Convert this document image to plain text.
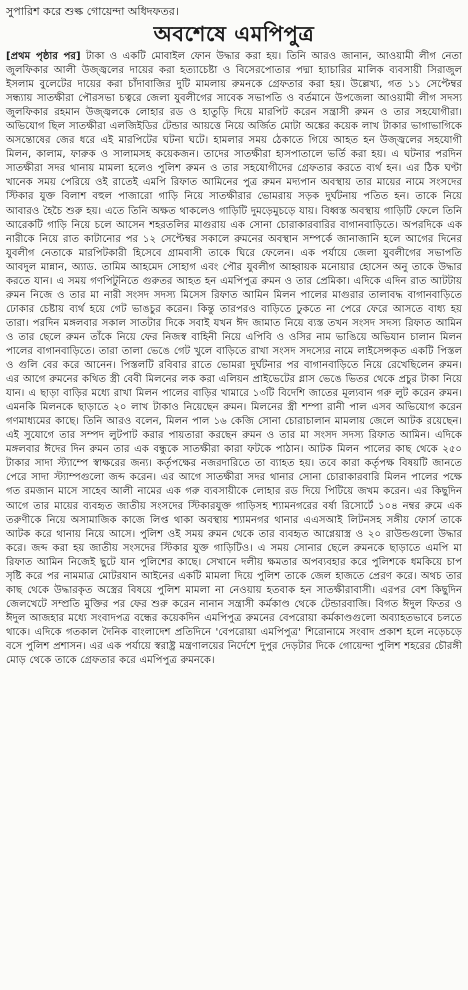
সুপারিশ করে শুল্ক গোয়েন্দা অধিদফতর।
অবশেষে এমপিপুত্র
[প্রথম পৃষ্ঠার পর] টাকা ও একটি মোবাইল ফোন উদ্ধার করা হয়। তিনি আরও জানান, আওয়ামী লীগ নেতা জুলফিকার আলী উজ্জ্বলের দায়ের করা হত্যাচেষ্টা ও বিসেরপোতার পদ্মা হ্যাচারির মালিক ব্যবসায়ী সিরাজুল ইসলাম বুলেটের দায়ের করা চাঁদাবাজির দুটি মামলায় রুমনকে গ্রেফতার করা হয়। উল্লেখ্য, গত ১১ সেপ্টেম্বর সন্ধ্যায় সাতক্ষীরা পৌরসভা চত্বরে জেলা যুবলীগের সাবেক সভাপতি ও বর্তমানে উপজেলা আওয়ামী লীগ সদস্য জুলফিকার রহমান উজ্জ্বলকে লোহার রড ও হাতুড়ি দিয়ে মারপিট করেন সন্ত্রাসী রুমন ও তার সহযোগীরা। অভিযোগ ছিল সাতক্ষীরা এলজিইডির টেন্ডার আয়ত্তে নিয়ে অর্জিত মোটা অঙ্কের কয়েক লাখ টাকার ভাগাভাগিকে অসন্তোষের জের ধরে এই মারপিটের ঘটনা ঘটে। হামলার সময় ঠেকাতে গিয়ে আহত হন উজ্জ্বলের সহযোগী মিলন, কালাম, ফারুক ও সালামসহ কয়েকজন। তাদের সাতক্ষীরা হাসপাতালে ভর্তি করা হয়। এ ঘটনার পরদিন সাতক্ষীরা সদর থানায় মামলা হলেও পুলিশ রুমন ও তার সহযোগীদের গ্রেফতার করতে ব্যর্থ হন। এর ঠিক ঘণ্টা খানেক সময় পেরিয়ে ওই রাতেই এমপি রিফাত আমিনের পুত্র রুমন মদ্যপান অবস্থায় তার মায়ের নামে সংসদের স্টিকার যুক্ত বিলাশ বহুল পাজারো গাড়ি নিয়ে সাতক্ষীরার ভোমরায় সড়ক দুর্ঘটনায় পতিত হন। তাকে নিয়ে আবারও হৈচৈ শুরু হয়। এতে তিনি অক্ষত থাকলেও গাড়িটি দুমড়েমুচড়ে যায়। বিধ্বস্ত অবস্থায় গাড়িটি ফেলে তিনি আরেকটি গাড়ি নিয়ে চলে আসেন শহরতলির মাগুরায় এক সোনা চোরাকারবারির বাগানবাড়িতে। অপরদিকে এক নারীকে নিয়ে রাত কাটানোর পর ১২ সেপ্টেম্বর সকালে রুমনের অবস্থান সম্পর্কে জানাজানি হলে আগের দিনের যুবলীগ নেতাকে মারপিটকারী হিসেবে গ্রামবাসী তাকে ঘিরে ফেলেন। এক পর্যায়ে জেলা যুবলীগের সভাপতি আবদুল মান্নান, অ্যাড. তামিম আহমেদ সোহাগ এবং পৌর যুবলীগ আহ্বায়ক মনোয়ার হোসেন অনু তাকে উদ্ধার করতে যান। এ সময় গণপিটুনিতে গুরুতর আহত হন এমপিপুত্র রুমন ও তার প্রেমিকা। এদিকে এদিন রাত আটটায় রুমন নিজে ও তার মা নারী সংসদ সদস্য মিসেস রিফাত আমিন মিলন পালের মাগুরার তালাবদ্ধ বাগানবাড়িতে ঢোকার চেষ্টায় ব্যর্থ হয়ে গেট ভাঙচুর করেন। কিন্তু তারপরও বাড়িতে ঢুকতে না পেরে ফেরে আসতে বাধ্য হয় তারা। পরদিন মঙ্গলবার সকাল সাতটার দিকে সবাই যখন ঈদ জামাত নিয়ে ব্যস্ত তখন সংসদ সদস্য রিফাত আমিন ও তার ছেলে রুমন তাঁকে নিয়ে ফের নিজস্ব বাহিনী নিয়ে এপিবি ও ওসির নাম ভাঙিয়ে অভিযান চালান মিলন পালের বাগানবাড়িতে। তারা তালা ভেঙে গেট খুলে বাড়িতে রাখা সংসদ সদস্যের নামে লাইসেন্সকৃত একটি পিস্তল ও গুলি বের করে আনেন। পিস্তলটি রবিবার রাতে ভোমরা দুর্ঘটনার পর বাগানবাড়িতে নিয়ে রেখেছিলেন রুমন। এর আগে রুমনের কথিত স্ত্রী বেবী মিলনের লক করা এলিয়ন প্রাইভেটের গ্লাস ভেঙে ভিতর থেকে প্রচুর টাকা নিয়ে যান। এ ছাড়া বাড়ির মধ্যে রাখা মিলন পালের বাড়ির খামারে ১৩টি বিদেশি জাতের মূল্যবান গরু লুট করেন রুমন। এমনকি মিলনকে ছাড়াতে ২০ লাখ টাকাও নিয়েছেন রুমন। মিলনের স্ত্রী শম্পা রানী পাল এসব অভিযোগ করেন গণমাধ্যমের কাছে। তিনি আরও বলেন, মিলন পাল ১৬ কেজি সোনা চোরাচালান মামলায় জেলে আটক রয়েছেন। এই সুযোগে তার সম্পদ লুটপাট করার পায়তারা করছেন রুমন ও তার মা সংসদ সদস্য রিফাত আমিন। এদিকে মঙ্গলবার ঈদের দিন রুমন তার এক বন্ধুকে সাতক্ষীরা কারা ফটকে পাঠান। আটক মিলন পালের কাছ থেকে ২৫০ টাকার সাদা স্ট্যাম্পে স্বাক্ষরের জন্য। কর্তৃপক্ষের নজরদারিতে তা ব্যাহত হয়। তবে কারা কর্তৃপক্ষ বিষয়টি জানতে পেরে সাদা স্ট্যাম্পগুলো জব্দ করেন। এর আগে সাতক্ষীরা সদর থানার সোনা চোরাকারবারি মিলন পালের পক্ষে গত রমজান মাসে সাহেব আলী নামের এক গরু ব্যবসায়ীকে লোহার রড দিয়ে পিটিয়ে জখম করেন। এর কিছুদিন আগে তার মায়ের ব্যবহৃত জাতীয় সংসদের স্টিকারযুক্ত গাড়িসহ শ্যামনগরের বর্ষা রিসোর্টে ১০৪ নম্বর রুমে এক তরুণীকে নিয়ে অসামাজিক কাজে লিপ্ত থাকা অবস্থায় শ্যামনগর থানার এএসআই লিটনসহ সঙ্গীয় ফোর্স তাকে আটক করে থানায় নিয়ে আসে। পুলিশ ওই সময় রুমন থেকে তার ব্যবহৃত আগ্নেয়াস্ত্র ও ২০ রাউন্ডগুলো উদ্ধার করে। জব্দ করা হয় জাতীয় সংসদের স্টিকার যুক্ত গাড়িটিও। এ সময় সোনার ছেলে রুমনকে ছাড়াতে এমপি মা রিফাত আমিন নিজেই ছুটে যান পুলিশের কাছে। সেখানে দলীয় ক্ষমতার অপব্যবহার করে পুলিশকে ধমকিয়ে চাপ সৃষ্টি করে পর নামমাত্র মোটরযান আইনের একটি মামলা দিয়ে পুলিশ তাকে জেল হাজতে প্রেরণ করে। অথচ তার কাছ থেকে উদ্ধারকৃত অস্ত্রের বিষয়ে পুলিশ মামলা না নেওয়ায় হতবাক হন সাতক্ষীরাবাসী। এরপর বেশ কিছুদিন জেলখেটে সম্প্রতি মুক্তির পর ফের শুরু করেন নানান সন্ত্রাসী কর্মকাণ্ড থেকে টেন্ডারবাজি। বিগত ঈদুল ফিতর ও ঈদুল আজহার মধ্যে সংবাদপত্র বন্ধের কয়েকদিন এমপিপুত্র রুমনের বেপরোয়া কর্মকাণ্ডগুলো অব্যাহতভাবে চলতে থাকে। এদিকে গতকাল দৈনিক বাংলাদেশ প্রতিদিনে 'বেপরোয়া এমপিপুত্র' শিরোনামে সংবাদ প্রকাশ হলে নড়েচড়ে বসে পুলিশ প্রশাসন। এর এক পর্যায়ে স্বরাষ্ট্র মন্ত্রণালয়ের নির্দেশে দুপুর দেড়টার দিকে গোয়েন্দা পুলিশ শহরের চৌরঙ্গী মোড় থেকে তাকে গ্রেফতার করে এমপিপুত্র রুমনকে।
